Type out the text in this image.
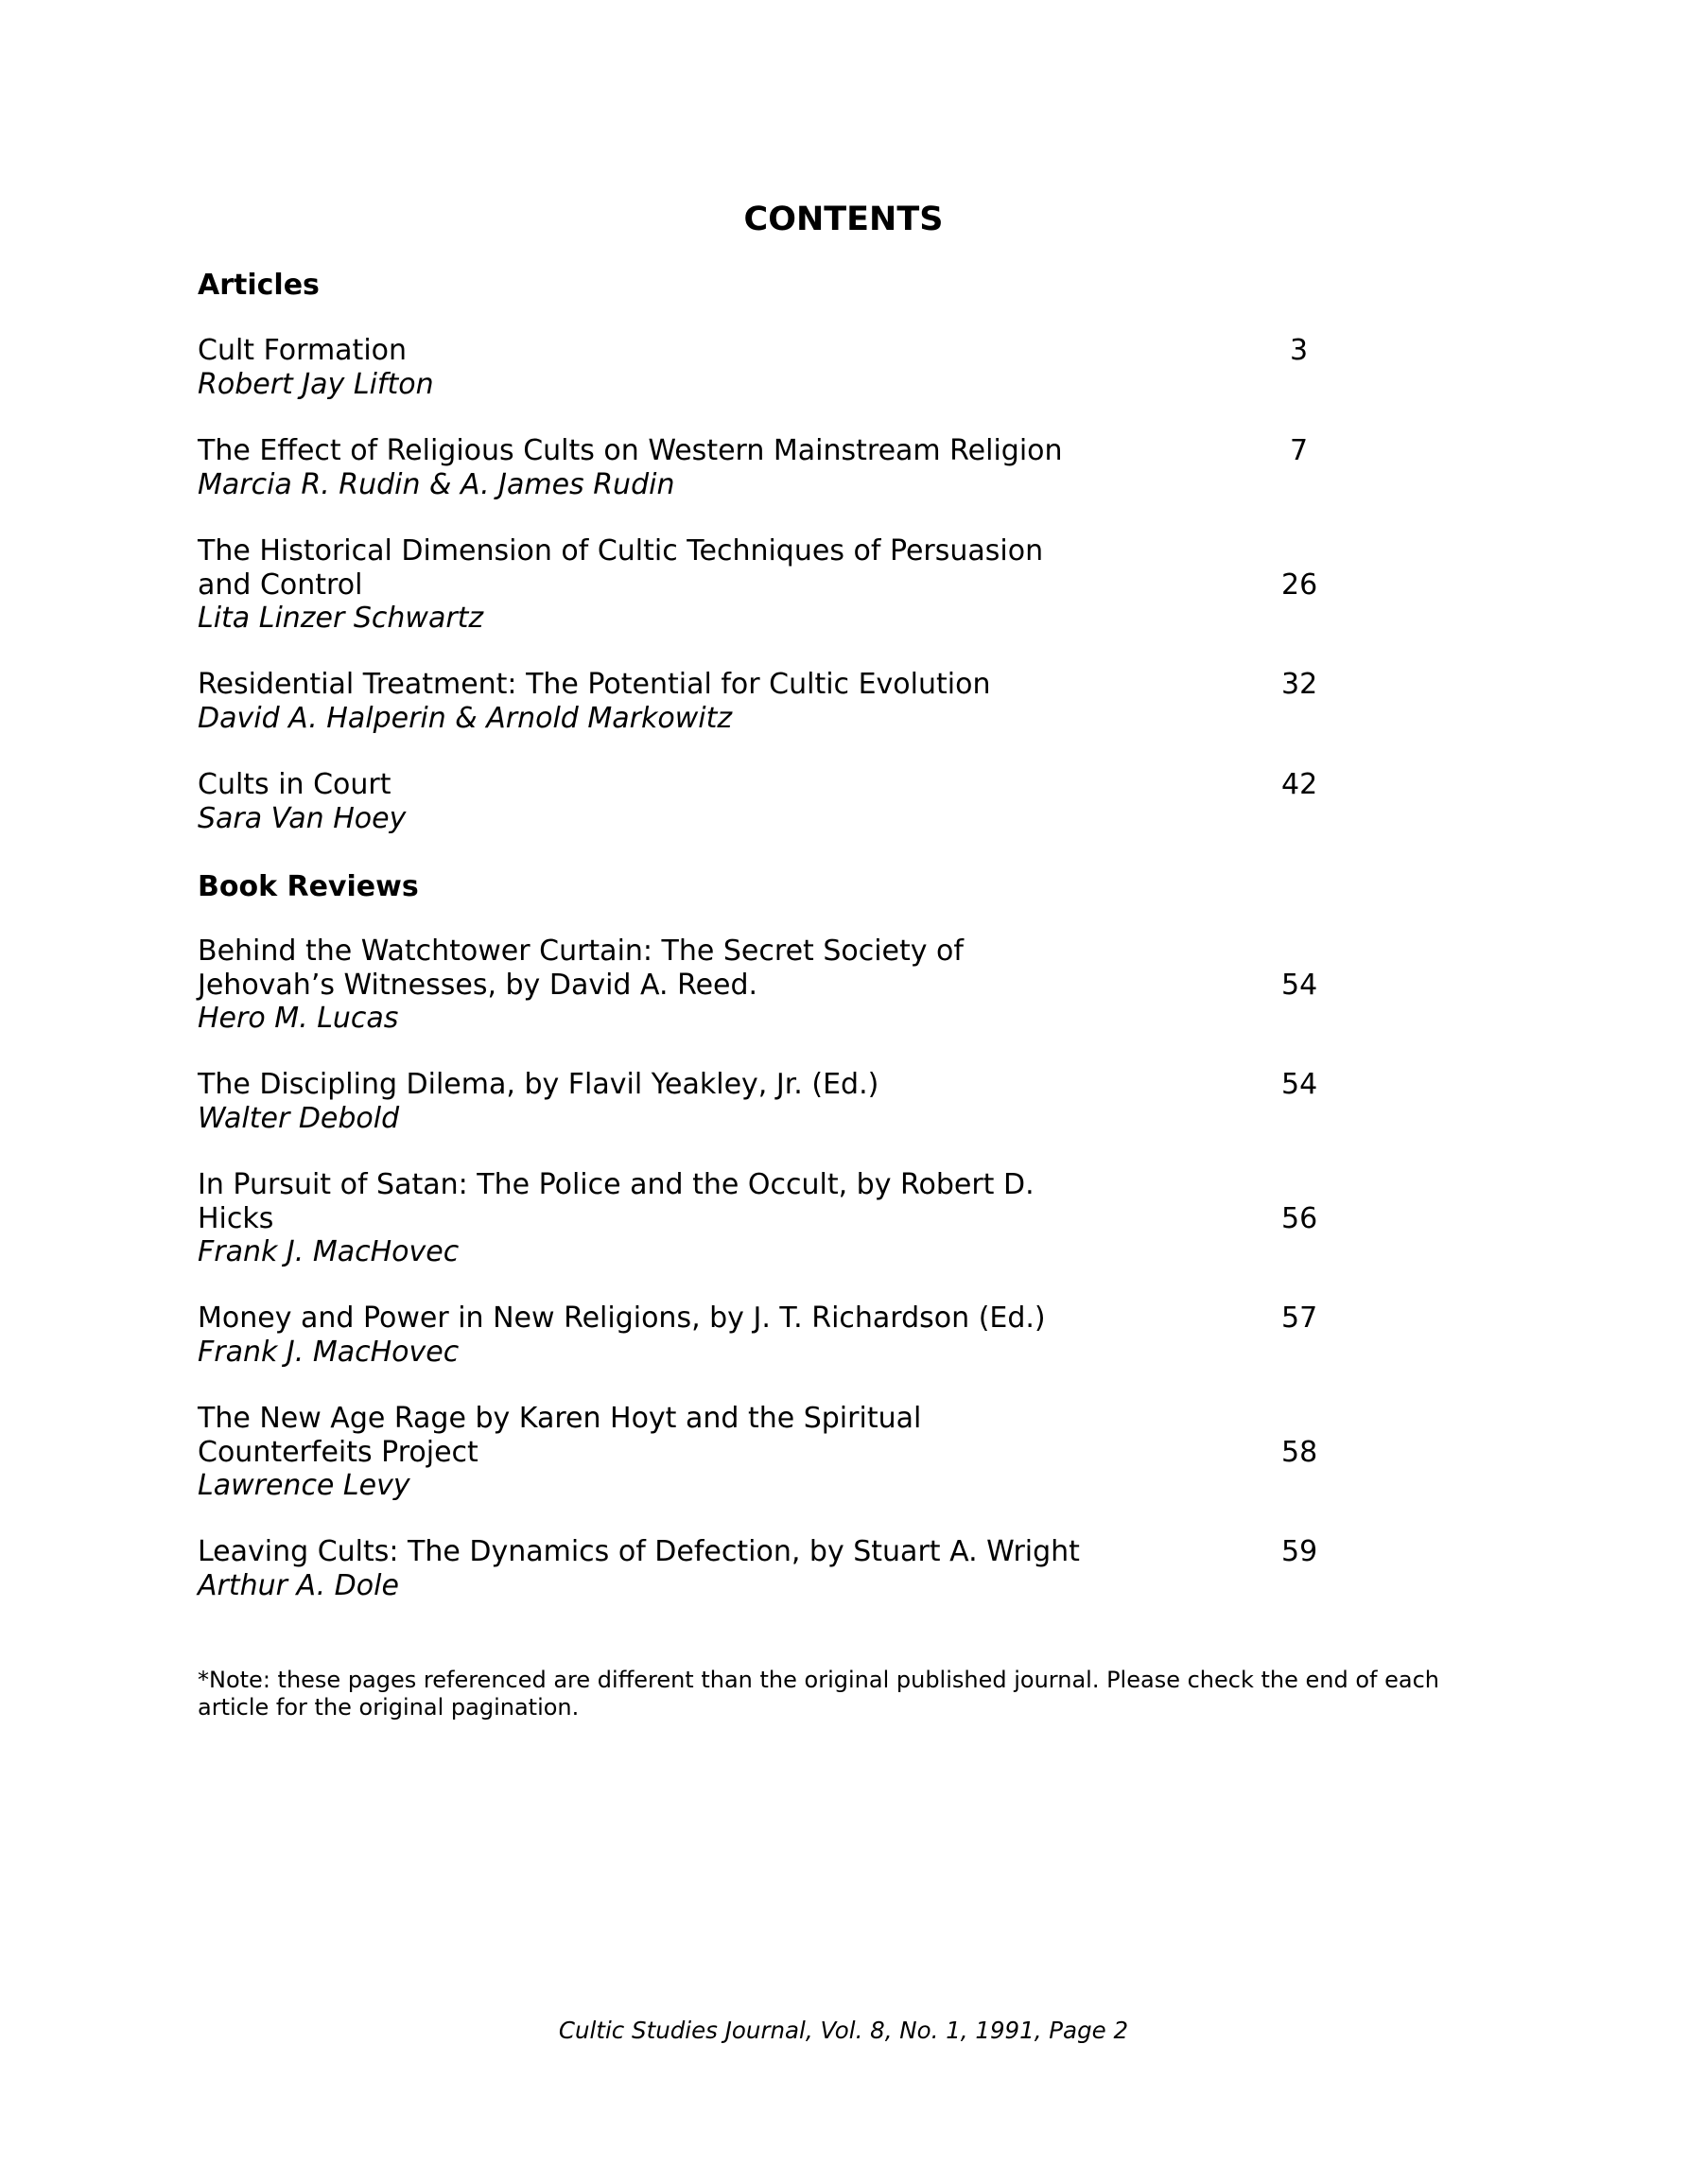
CONTENTS
Articles
Cult Formation
Robert Jay Lifton
3
The Effect of Religious Cults on Western Mainstream Religion
Marcia R. Rudin & A. James Rudin
7
The Historical Dimension of Cultic Techniques of Persuasion
and Control
Lita Linzer Schwartz
26
Residential Treatment: The Potential for Cultic Evolution
David A. Halperin & Arnold Markowitz
32
Cults in Court
Sara Van Hoey
42
Book Reviews
Behind the Watchtower Curtain: The Secret Society of
Jehovah’s Witnesses, by David A. Reed.
Hero M. Lucas
54
The Discipling Dilema, by Flavil Yeakley, Jr. (Ed.)
Walter Debold
54
In Pursuit of Satan: The Police and the Occult, by Robert D.
Hicks
Frank J. MacHovec
56
Money and Power in New Religions, by J. T. Richardson (Ed.)
Frank J. MacHovec
57
The New Age Rage by Karen Hoyt and the Spiritual
Counterfeits Project
Lawrence Levy
58
Leaving Cults: The Dynamics of Defection, by Stuart A. Wright
Arthur A. Dole
59

*Note: these pages referenced are different than the original published journal. Please check the end of each article for the original pagination.

Cultic Studies Journal, Vol. 8, No. 1, 1991, Page 2
